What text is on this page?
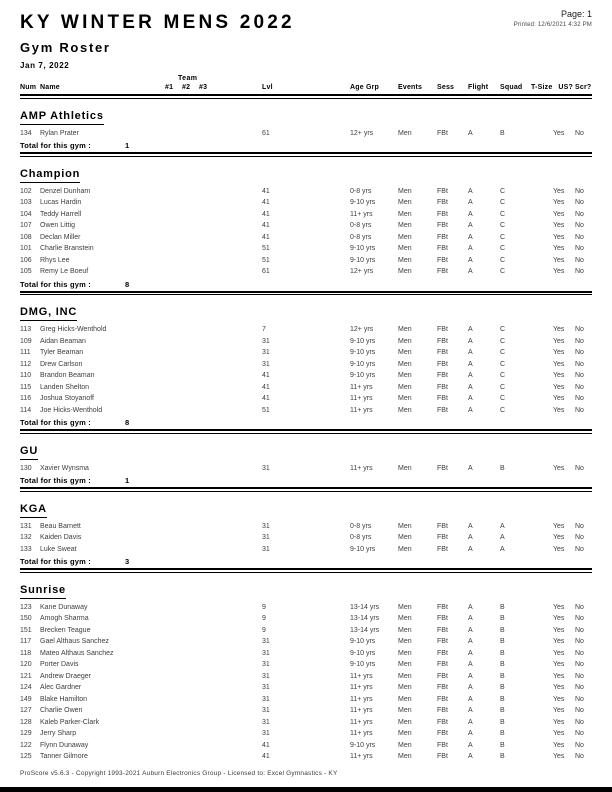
Page: 1
Printed: 12/6/2021 4:32 PM
KY WINTER MENS 2022
Gym Roster
Jan 7, 2022
Team
Num Name	#1	#2	#3	Lvl	Age Grp	Events	Sess	Flight	Squad	T-Size US? Scr?
AMP Athletics
134	Rylan Prater	61	12+ yrs	Men	FBt	A	B	Yes	No
Total for this gym :	1
Champion
102	Denzel Dunham	41	0-8 yrs	Men	FBt	A	C	Yes	No
103	Lucas Hardin	41	9-10 yrs	Men	FBt	A	C	Yes	No
104	Teddy Harrell	41	11+ yrs	Men	FBt	A	C	Yes	No
107	Owen Littig	41	0-8 yrs	Men	FBt	A	C	Yes	No
108	Declan Miller	41	0-8 yrs	Men	FBt	A	C	Yes	No
101	Charlie Branstein	51	9-10 yrs	Men	FBt	A	C	Yes	No
106	Rhys Lee	51	9-10 yrs	Men	FBt	A	C	Yes	No
105	Remy Le Boeuf	61	12+ yrs	Men	FBt	A	C	Yes	No
Total for this gym :	8
DMG, INC
113	Greg Hicks-Wenthold	7	12+ yrs	Men	FBt	A	C	Yes	No
109	Aidan Beaman	31	9-10 yrs	Men	FBt	A	C	Yes	No
111	Tyler Beaman	31	9-10 yrs	Men	FBt	A	C	Yes	No
112	Drew Carlson	31	9-10 yrs	Men	FBt	A	C	Yes	No
110	Brandon Beaman	41	9-10 yrs	Men	FBt	A	C	Yes	No
115	Landen Shelton	41	11+ yrs	Men	FBt	A	C	Yes	No
116	Joshua Stoyanoff	41	11+ yrs	Men	FBt	A	C	Yes	No
114	Joe Hicks-Wenthold	51	11+ yrs	Men	FBt	A	C	Yes	No
Total for this gym :	8
GU
130	Xavier Wynsma	31	11+ yrs	Men	FBt	A	B	Yes	No
Total for this gym :	1
KGA
131	Beau Barnett	31	0-8 yrs	Men	FBt	A	A	Yes	No
132	Kaiden Davis	31	0-8 yrs	Men	FBt	A	A	Yes	No
133	Luke Sweat	31	9-10 yrs	Men	FBt	A	A	Yes	No
Total for this gym :	3
Sunrise
123	Kane Dunaway	9	13-14 yrs	Men	FBt	A	B	Yes	No
150	Amogh Sharma	9	13-14 yrs	Men	FBt	A	B	Yes	No
151	Brecken Teague	9	13-14 yrs	Men	FBt	A	B	Yes	No
117	Gael Althaus Sanchez	31	9-10 yrs	Men	FBt	A	B	Yes	No
118	Mateo Althaus Sanchez	31	9-10 yrs	Men	FBt	A	B	Yes	No
120	Porter Davis	31	9-10 yrs	Men	FBt	A	B	Yes	No
121	Andrew Draeger	31	11+ yrs	Men	FBt	A	B	Yes	No
124	Alec Gardner	31	11+ yrs	Men	FBt	A	B	Yes	No
149	Blake Hamilton	31	11+ yrs	Men	FBt	A	B	Yes	No
127	Charlie Owen	31	11+ yrs	Men	FBt	A	B	Yes	No
128	Kaleb Parker-Clark	31	11+ yrs	Men	FBt	A	B	Yes	No
129	Jerry Sharp	31	11+ yrs	Men	FBt	A	B	Yes	No
122	Flynn Dunaway	41	9-10 yrs	Men	FBt	A	B	Yes	No
125	Tanner Gilmore	41	11+ yrs	Men	FBt	A	B	Yes	No
ProScore v5.6.3 - Copyright 1993-2021 Auburn Electronics Group - Licensed to: Excel Gymnastics - KY
